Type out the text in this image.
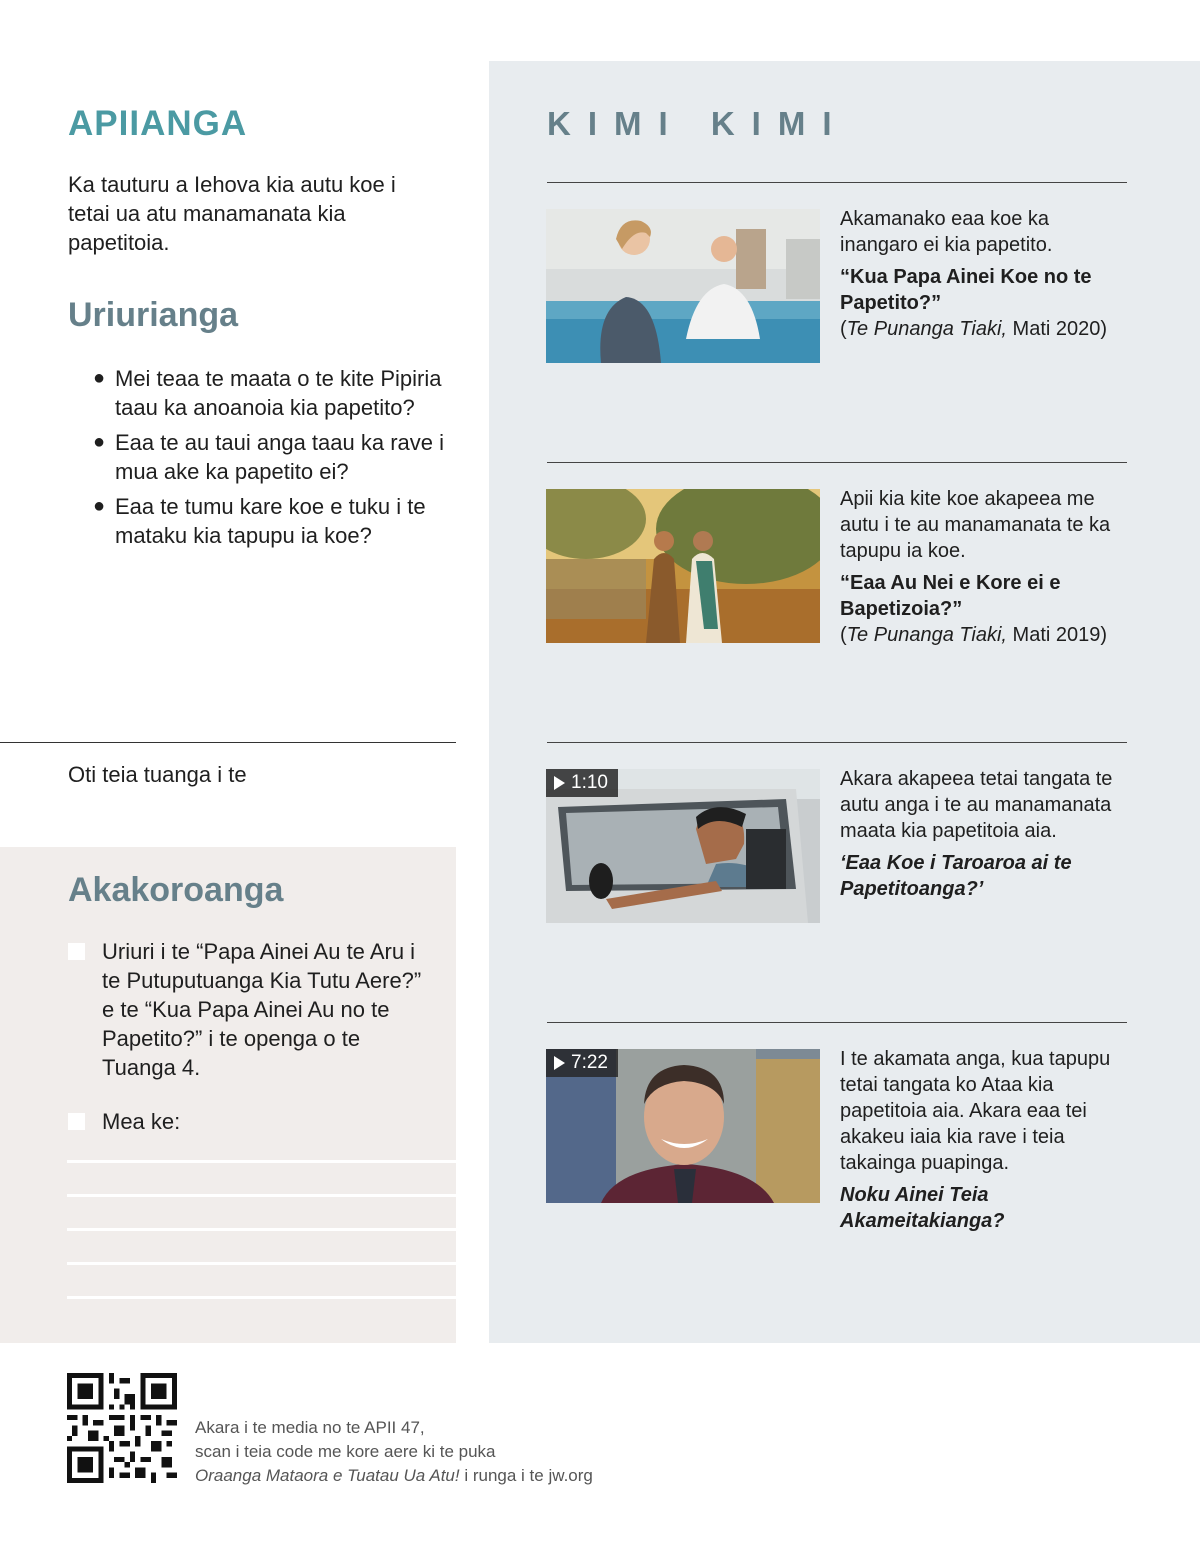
APIIANGA

Ka tauturu a Iehova kia autu koe i tetai ua atu manamanata kia papetitoia.

Uriurianga
● Mei teaa te maata o te kite Pipiria taau ka anoanoia kia papetito?
● Eaa te au taui anga taau ka rave i mua ake ka papetito ei?
● Eaa te tumu kare koe e tuku i te mataku kia tapupu ia koe?

Oti teia tuanga i te

Akakoroanga
Uriuri i te “Papa Ainei Au te Aru i te Putuputuanga Kia Tutu Aere?” e te “Kua Papa Ainei Au no te Papetito?” i te openga o te Tuanga 4.
Mea ke:
KIMI KIMI
Akamanako eaa koe ka inangaro ei kia papetito.
“Kua Papa Ainei Koe no te Papetito?”
(Te Punanga Tiaki, Mati 2020)
Apii kia kite koe akapeea me autu i te au manamanata te ka tapupu ia koe.
“Eaa Au Nei e Kore ei e Bapetizoia?”
(Te Punanga Tiaki, Mati 2019)
1:10	Akara akapeea tetai tangata te autu anga i te au manamanata maata kia papetitoia aia.
‘Eaa Koe i Taroaroa ai te Papetitoanga?’
7:22	I te akamata anga, kua tapupu tetai tangata ko Ataa kia papetitoia aia. Akara eaa tei akakeu iaia kia rave i teia takainga puapinga.
Noku Ainei Teia Akameitakianga?
Akara i te media no te APII 47,
scan i teia code me kore aere ki te puka
Oraanga Mataora e Tuatau Ua Atu! i runga i te jw.org
